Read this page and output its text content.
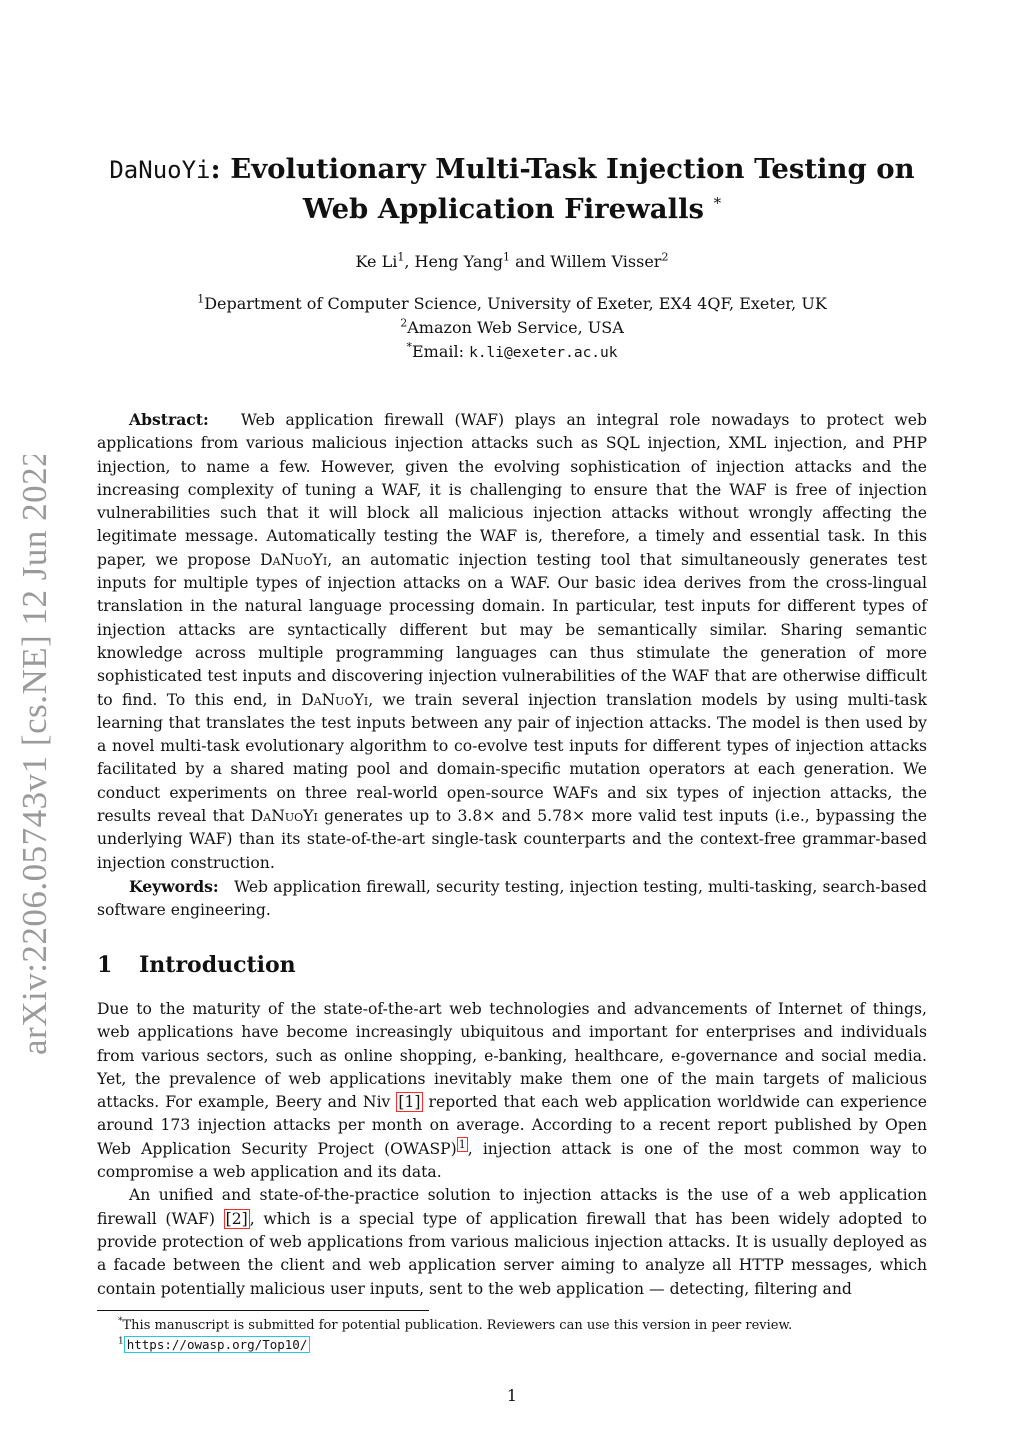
arXiv:2206.05743v1 [cs.NE] 12 Jun 2022
DaNuoYi: Evolutionary Multi-Task Injection Testing on
Web Application Firewalls *
Ke Li$^1$, Heng Yang$^1$ and Willem Visser$^2$
$^1$Department of Computer Science, University of Exeter, EX4 4QF, Exeter, UK
$^2$Amazon Web Service, USA
*Email: k.li@exeter.ac.uk

Abstract: Web application firewall (WAF) plays an integral role nowadays to protect web applications from various malicious injection attacks such as SQL injection, XML injection, and PHP injection, to name a few. However, given the evolving sophistication of injection attacks and the increasing complexity of tuning a WAF, it is challenging to ensure that the WAF is free of injection vulnerabilities such that it will block all malicious injection attacks without wrongly affecting the legitimate message. Automatically testing the WAF is, therefore, a timely and essential task. In this paper, we propose DaNuoYi, an automatic injection testing tool that simultaneously generates test inputs for multiple types of injection attacks on a WAF. Our basic idea derives from the cross-lingual translation in the natural language processing domain. In particular, test inputs for different types of injection attacks are syntactically different but may be semantically similar. Sharing semantic knowledge across multiple programming languages can thus stimulate the generation of more sophisticated test inputs and discovering injection vulnerabilities of the WAF that are otherwise difficult to find. To this end, in DaNuoYi, we train several injection translation models by using multi-task learning that translates the test inputs between any pair of injection attacks. The model is then used by a novel multi-task evolutionary algorithm to co-evolve test inputs for different types of injection attacks facilitated by a shared mating pool and domain-specific mutation operators at each generation. We conduct experiments on three real-world open-source WAFs and six types of injection attacks, the results reveal that DaNuoYi generates up to 3.8× and 5.78× more valid test inputs (i.e., bypassing the underlying WAF) than its state-of-the-art single-task counterparts and the context-free grammar-based injection construction.

Keywords: Web application firewall, security testing, injection testing, multi-tasking, search-based software engineering.

1 Introduction

Due to the maturity of the state-of-the-art web technologies and advancements of Internet of things, web applications have become increasingly ubiquitous and important for enterprises and individuals from various sectors, such as online shopping, e-banking, healthcare, e-governance and social media. Yet, the prevalence of web applications inevitably make them one of the main targets of malicious attacks. For example, Beery and Niv [1] reported that each web application worldwide can experience around 173 injection attacks per month on average. According to a recent report published by Open Web Application Security Project (OWASP) $^1$ , injection attack is one of the most common way to compromise a web application and its data.

An unified and state-of-the-practice solution to injection attacks is the use of a web application firewall (WAF) [2] , which is a special type of application firewall that has been widely adopted to provide protection of web applications from various malicious injection attacks. It is usually deployed as a facade between the client and web application server aiming to analyze all HTTP messages, which contain potentially malicious user inputs, sent to the web application — detecting, filtering and

*This manuscript is submitted for potential publication. Reviewers can use this version in peer review.
$^1$ https://owasp.org/Top10/
1
